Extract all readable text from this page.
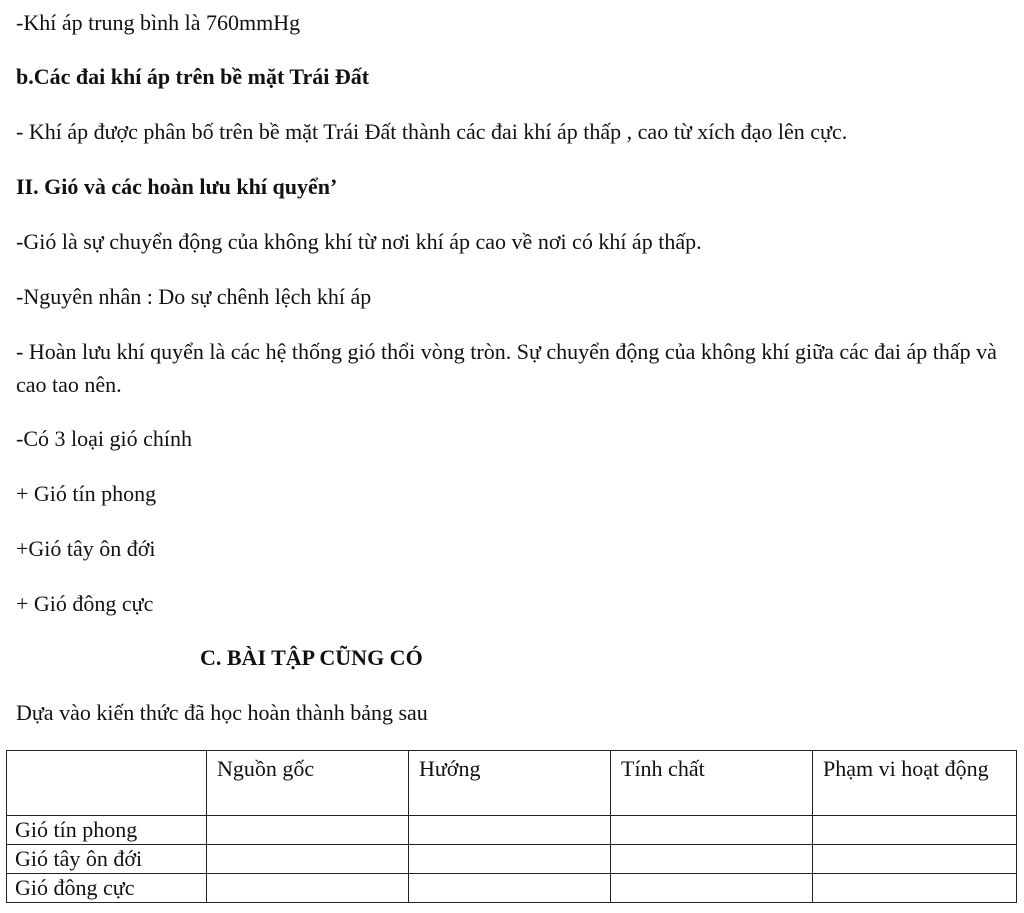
-Khí áp trung bình là 760mmHg
b.Các đai khí áp trên bề mặt Trái Đất
- Khí áp được phân bố trên bề mặt Trái Đất thành các đai khí áp thấp , cao từ xích đạo lên cực.
II. Gió và các hoàn lưu khí quyển’
-Gió là sự chuyển động của không khí từ nơi khí áp cao về nơi có khí áp thấp.
-Nguyên nhân : Do sự chênh lệch khí áp
- Hoàn lưu khí quyển là các hệ thống gió thổi vòng tròn. Sự chuyển động của không khí giữa các đai áp thấp và cao tao nên.
-Có 3 loại gió chính
+ Gió tín phong
+Gió tây ôn đới
+ Gió đông cực
C. BÀI TẬP CŨNG CÓ
Dựa vào kiến thức đã học hoàn thành bảng sau
	Nguồn gốc	Hướng	Tính chất	Phạm vi hoạt động
Gió tín phong				
Gió tây ôn đới				
Gió đông cực				
